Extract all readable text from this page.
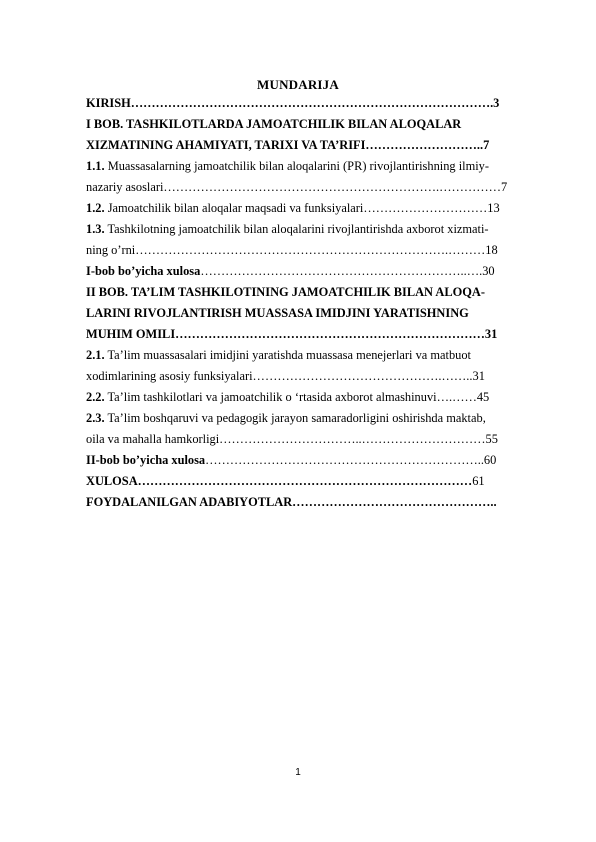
MUNDARIJA
KIRISH…………………………………………………………………………….3
I BOB. TASHKILOTLARDA JAMOATCHILIK BILAN ALOQALAR
XIZMATINING AHAMIYATI, TARIXI VA TA’RIFI………………………..7
1.1. Muassasalarning jamoatchilik bilan aloqalarini (PR) rivojlantirishning ilmiy-
nazariy asoslari………………………………………………………….……………7
1.2. Jamoatchilik bilan aloqalar maqsadi va funksiyalari…………………………13
1.3. Tashkilotning jamoatchilik bilan aloqalarini rivojlantirishda axborot xizmati-
ning o’rni………………………………………………………………….………18
I-bob bo’yicha xulosa………………………………………………………..….30
II BOB. TA’LIM TASHKILOTINING JAMOATCHILIK BILAN ALOQA-
LARINI RIVOJLANTIRISH MUASSASA IMIDJINI YARATISHNING
MUHIM OMILI…………………………………………………………………31
2.1. Ta’lim muassasalari imidjini yaratishda muassasa menejerlari va matbuot
xodimlarining asosiy funksiyalari……………………………………….……..31
2.2. Ta’lim tashkilotlari va jamoatchilik o ‘rtasida axborot almashinuvi….……45
2.3. Ta’lim boshqaruvi va pedagogik jarayon samaradorligini oshirishda maktab,
oila va mahalla hamkorligi……………………………..…………………………55
II-bob bo’yicha xulosa…………………………………………………………..60
XULOSA………………………………………………………………………61
FOYDALANILGAN ADABIYOTLAR…………………………………………..
1
